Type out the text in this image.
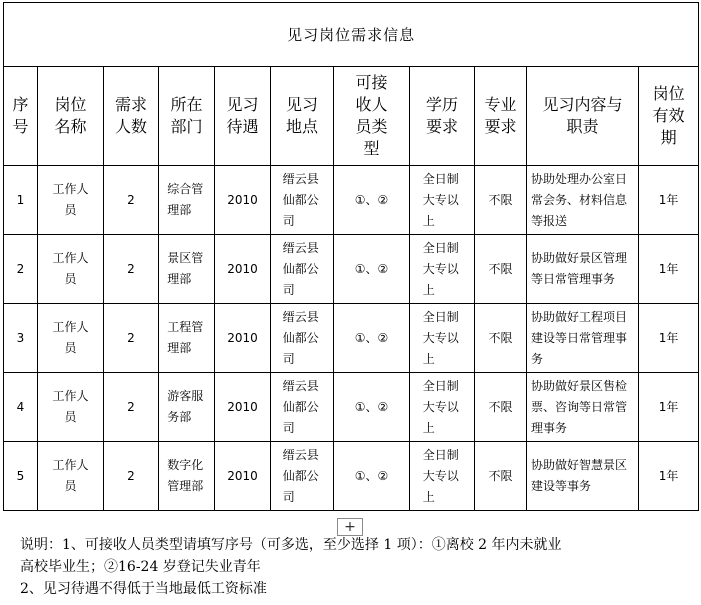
见习岗位需求信息										
序号	岗位名称	需求人数	所在部门	见习待遇	见习地点	可接收人员类型	学历要求	专业要求	见习内容与职责	岗位有效期
1	工作人员	2	综合管理部	2010	缙云县仙都公司	①、②	全日制大专以上	不限	协助处理办公室日常会务、材料信息等报送	1年
2	工作人员	2	景区管理部	2010	缙云县仙都公司	①、②	全日制大专以上	不限	协助做好景区管理等日常管理事务	1年
3	工作人员	2	工程管理部	2010	缙云县仙都公司	①、②	全日制大专以上	不限	协助做好工程项目建设等日常管理事务	1年
4	工作人员	2	游客服务部	2010	缙云县仙都公司	①、②	全日制大专以上	不限	协助做好景区售检票、咨询等日常管理事务	1年
5	工作人员	2	数字化管理部	2010	缙云县仙都公司	①、②	全日制大专以上	不限	协助做好智慧景区建设等事务	1年
+
说明：1、可接收人员类型请填写序号（可多选，至少选择 1 项）：①离校 2 年内未就业
高校毕业生；②16-24 岁登记失业青年
2、见习待遇不得低于当地最低工资标准
